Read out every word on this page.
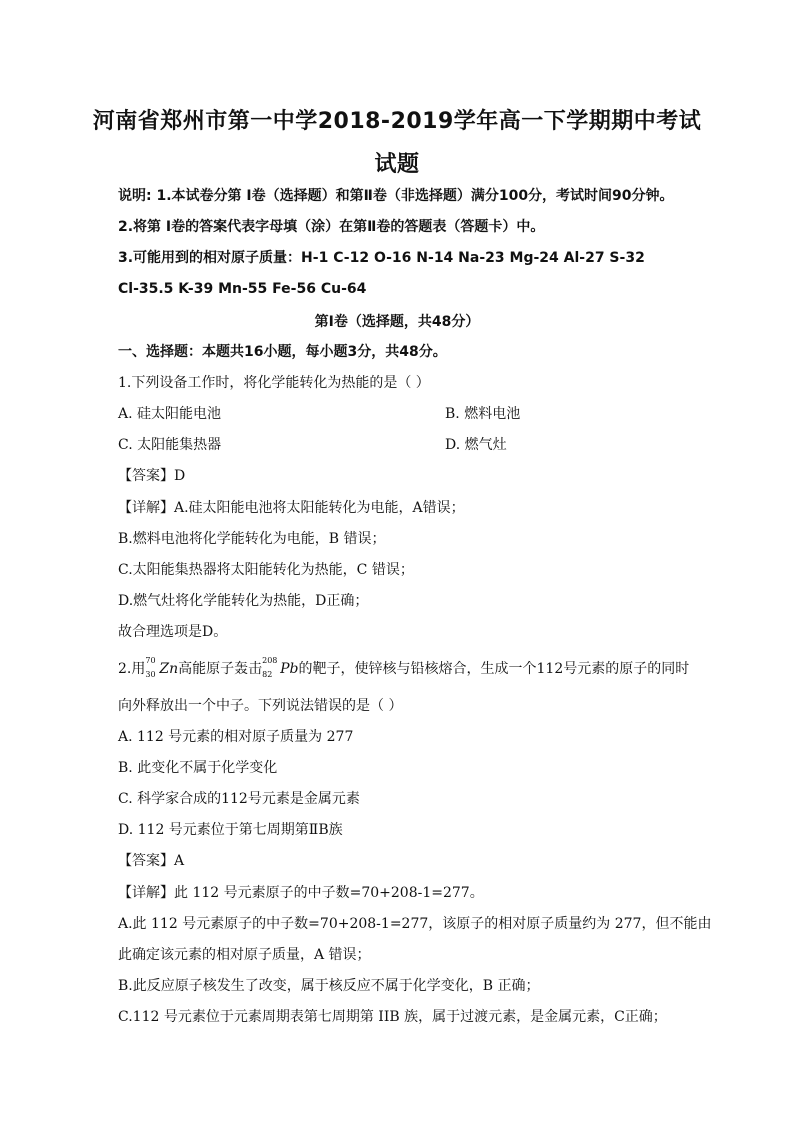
河南省郑州市第一中学2018-2019学年高一下学期期中考试
试题
说明: 1.本试卷分第 Ⅰ卷（选择题）和第Ⅱ卷（非选择题）满分100分，考试时间90分钟。
2.将第 Ⅰ卷的答案代表字母填（涂）在第Ⅱ卷的答题表（答题卡）中。
3.可能用到的相对原子质量：H-1 C-12 O-16 N-14 Na-23 Mg-24 Al-27 S-32
Cl-35.5 K-39 Mn-55 Fe-56 Cu-64
第Ⅰ卷（选择题，共48分）
一、选择题：本题共16小题，每小题3分，共48分。
1.下列设备工作时，将化学能转化为热能的是（ ）
A. 硅太阳能电池	B. 燃料电池
C. 太阳能集热器	D. 燃气灶
【答案】D
【详解】A.硅太阳能电池将太阳能转化为电能，A错误；
B.燃料电池将化学能转化为电能，B 错误；
C.太阳能集热器将太阳能转化为热能，C 错误；
D.燃气灶将化学能转化为热能，D正确；
故合理选项是D。
2.用
70
30 Zn高能原子轰击
208
82 Pb的靶子，使锌核与铅核熔合，生成一个112号元素的原子的同时
向外释放出一个中子。下列说法错误的是（ ）
A. 112 号元素的相对原子质量为 277
B. 此变化不属于化学变化
C. 科学家合成的112号元素是金属元素
D. 112 号元素位于第七周期第ⅡB族
【答案】A
【详解】此 112 号元素原子的中子数=70+208-1=277。
A.此 112 号元素原子的中子数=70+208-1=277，该原子的相对原子质量约为 277，但不能由
此确定该元素的相对原子质量，A 错误；
B.此反应原子核发生了改变，属于核反应不属于化学变化，B 正确；
C.112 号元素位于元素周期表第七周期第 IIB 族，属于过渡元素，是金属元素，C正确；
